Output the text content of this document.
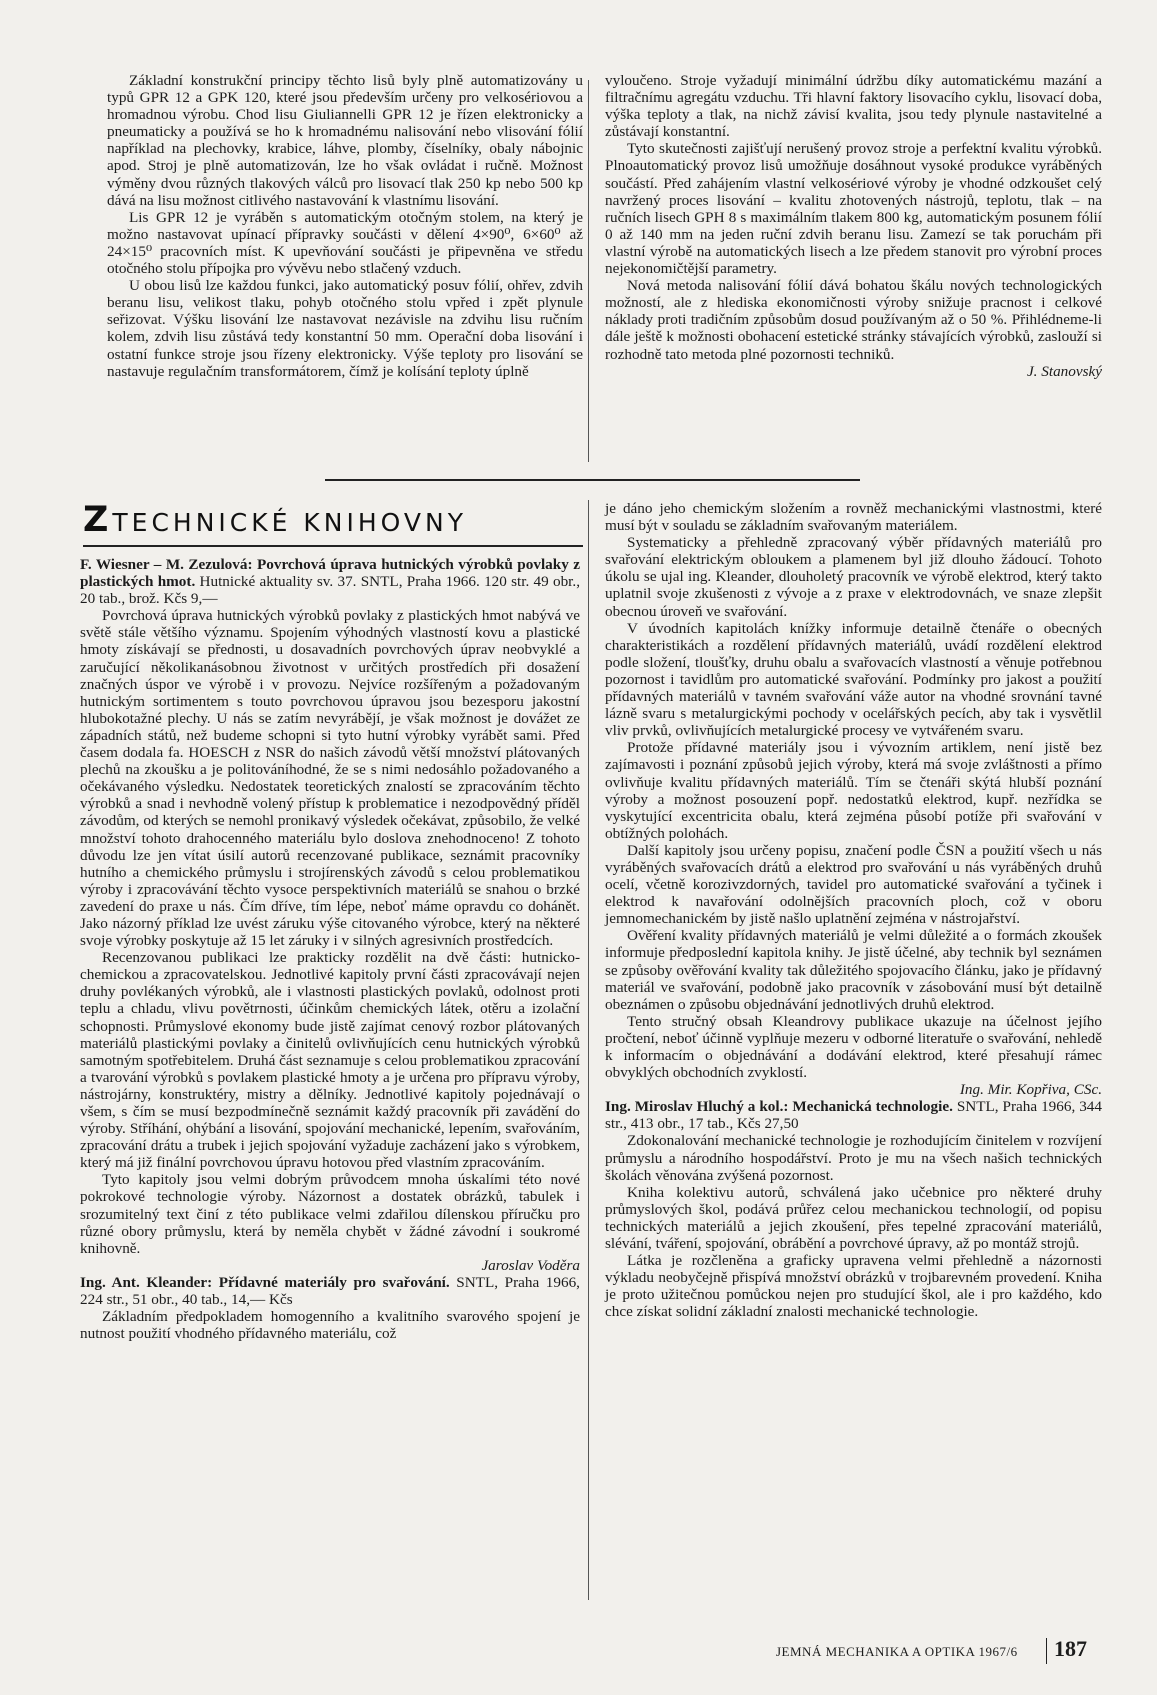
Základní konstrukční principy těchto lisů byly plně automatizovány u typů GPR 12 a GPK 120, které jsou především určeny pro velkosériovou a hromadnou výrobu. Chod lisu Giuliannelli GPR 12 je řízen elektronicky a pneumaticky a používá se ho k hromadnému nalisování nebo vlisování fólií například na plechovky, krabice, láhve, plomby, číselníky, obaly nábojnic apod. Stroj je plně automatizován, lze ho však ovládat i ručně. Možnost výměny dvou různých tlakových válců pro lisovací tlak 250 kp nebo 500 kp dává na lisu možnost citlivého nastavování k vlastnímu lisování.

Lis GPR 12 je vyráběn s automatickým otočným stolem, na který je možno nastavovat upínací přípravky součásti v dělení 4×90⁰, 6×60⁰ až 24×15⁰ pracovních míst. K upevňování součásti je připevněna ve středu otočného stolu přípojka pro vývěvu nebo stlačený vzduch.

U obou lisů lze každou funkci, jako automatický posuv fólií, ohřev, zdvih beranu lisu, velikost tlaku, pohyb otočného stolu vpřed i zpět plynule seřizovat. Výšku lisování lze nastavovat nezávisle na zdvihu lisu ručním kolem, zdvih lisu zůstává tedy konstantní 50 mm. Operační doba lisování i ostatní funkce stroje jsou řízeny elektronicky. Výše teploty pro lisování se nastavuje regulačním transformátorem, čímž je kolísání teploty úplně

vyloučeno. Stroje vyžadují minimální údržbu díky automatickému mazání a filtračnímu agregátu vzduchu. Tři hlavní faktory lisovacího cyklu, lisovací doba, výška teploty a tlak, na nichž závisí kvalita, jsou tedy plynule nastavitelné a zůstávají konstantní.

Tyto skutečnosti zajišťují nerušený provoz stroje a perfektní kvalitu výrobků. Plnoautomatický provoz lisů umožňuje dosáhnout vysoké produkce vyráběných součástí. Před zahájením vlastní velkosériové výroby je vhodné odzkoušet celý navržený proces lisování – kvalitu zhotovených nástrojů, teplotu, tlak – na ručních lisech GPH 8 s maximálním tlakem 800 kg, automatickým posunem fólií 0 až 140 mm na jeden ruční zdvih beranu lisu. Zamezí se tak poruchám při vlastní výrobě na automatických lisech a lze předem stanovit pro výrobní proces nejekonomičtější parametry.

Nová metoda nalisování fólií dává bohatou škálu nových technologických možností, ale z hlediska ekonomičnosti výroby snižuje pracnost i celkové náklady proti tradičním způsobům dosud používaným až o 50 %. Přihlédneme-li dále ještě k možnosti obohacení estetické stránky stávajících výrobků, zaslouží si rozhodně tato metoda plné pozornosti techniků.

J. Stanovský

Z TECHNICKÉ KNIHOVNY

F. Wiesner – M. Zezulová: Povrchová úprava hutnických výrobků povlaky z plastických hmot. Hutnické aktuality sv. 37. SNTL, Praha 1966. 120 str. 49 obr., 20 tab., brož. Kčs 9,—

Povrchová úprava hutnických výrobků povlaky z plastických hmot nabývá ve světě stále většího významu. Spojením výhodných vlastností kovu a plastické hmoty získávají se přednosti, u dosavadních povrchových úprav neobvyklé a zaručující několikanásobnou životnost v určitých prostředích při dosažení značných úspor ve výrobě i v provozu. Nejvíce rozšířeným a požadovaným hutnickým sortimentem s touto povrchovou úpravou jsou bezesporu jakostní hlubokotažné plechy. U nás se zatím nevyrábějí, je však možnost je dovážet ze západních států, než budeme schopni si tyto hutní výrobky vyrábět sami. Před časem dodala fa. HOESCH z NSR do našich závodů větší množství plátovaných plechů na zkoušku a je politováníhodné, že se s nimi nedosáhlo požadovaného a očekávaného výsledku. Nedostatek teoretických znalostí se zpracováním těchto výrobků a snad i nevhodně volený přístup k problematice i nezodpovědný příděl závodům, od kterých se nemohl pronikavý výsledek očekávat, způsobilo, že velké množství tohoto drahocenného materiálu bylo doslova znehodnoceno! Z tohoto důvodu lze jen vítat úsilí autorů recenzované publikace, seznámit pracovníky hutního a chemického průmyslu i strojírenských závodů s celou problematikou výroby i zpracovávání těchto vysoce perspektivních materiálů se snahou o brzké zavedení do praxe u nás. Čím dříve, tím lépe, neboť máme opravdu co dohánět. Jako názorný příklad lze uvést záruku výše citovaného výrobce, který na některé svoje výrobky poskytuje až 15 let záruky i v silných agresivních prostředcích.

Recenzovanou publikaci lze prakticky rozdělit na dvě části: hutnicko-chemickou a zpracovatelskou. Jednotlivé kapitoly první části zpracovávají nejen druhy povlékaných výrobků, ale i vlastnosti plastických povlaků, odolnost proti teplu a chladu, vlivu povětrnosti, účinkům chemických látek, otěru a izolační schopnosti. Průmyslové ekonomy bude jistě zajímat cenový rozbor plátovaných materiálů plastickými povlaky a činitelů ovlivňujících cenu hutnických výrobků samotným spotřebitelem. Druhá část seznamuje s celou problematikou zpracování a tvarování výrobků s povlakem plastické hmoty a je určena pro přípravu výroby, nástrojárny, konstruktéry, mistry a dělníky. Jednotlivé kapitoly pojednávají o všem, s čím se musí bezpodmínečně seznámit každý pracovník při zavádění do výroby. Stříhání, ohýbání a lisování, spojování mechanické, lepením, svařováním, zpracování drátu a trubek i jejich spojování vyžaduje zacházení jako s výrobkem, který má již finální povrchovou úpravu hotovou před vlastním zpracováním.

Tyto kapitoly jsou velmi dobrým průvodcem mnoha úskalími této nové pokrokové technologie výroby. Názornost a dostatek obrázků, tabulek i srozumitelný text činí z této publikace velmi zdařilou dílenskou příručku pro různé obory průmyslu, která by neměla chybět v žádné závodní i soukromé knihovně.

Jaroslav Voděra

Ing. Ant. Kleander: Přídavné materiály pro svařování. SNTL, Praha 1966, 224 str., 51 obr., 40 tab., 14,— Kčs

Základním předpokladem homogenního a kvalitního svarového spojení je nutnost použití vhodného přídavného materiálu, což

je dáno jeho chemickým složením a rovněž mechanickými vlastnostmi, které musí být v souladu se základním svařovaným materiálem.

Systematicky a přehledně zpracovaný výběr přídavných materiálů pro svařování elektrickým obloukem a plamenem byl již dlouho žádoucí. Tohoto úkolu se ujal ing. Kleander, dlouholetý pracovník ve výrobě elektrod, který takto uplatnil svoje zkušenosti z vývoje a z praxe v elektrodovnách, ve snaze zlepšit obecnou úroveň ve svařování.

V úvodních kapitolách knížky informuje detailně čtenáře o obecných charakteristikách a rozdělení přídavných materiálů, uvádí rozdělení elektrod podle složení, tloušťky, druhu obalu a svařovacích vlastností a věnuje potřebnou pozornost i tavidlům pro automatické svařování. Podmínky pro jakost a použití přídavných materiálů v tavném svařování váže autor na vhodné srovnání tavné lázně svaru s metalurgickými pochody v ocelářských pecích, aby tak i vysvětlil vliv prvků, ovlivňujících metalurgické procesy ve vytvářeném svaru.

Protože přídavné materiály jsou i vývozním artiklem, není jistě bez zajímavosti i poznání způsobů jejich výroby, která má svoje zvláštnosti a přímo ovlivňuje kvalitu přídavných materiálů. Tím se čtenáři skýtá hlubší poznání výroby a možnost posouzení popř. nedostatků elektrod, kupř. nezřídka se vyskytující excentricita obalu, která zejména působí potíže při svařování v obtížných polohách.

Další kapitoly jsou určeny popisu, značení podle ČSN a použití všech u nás vyráběných svařovacích drátů a elektrod pro svařování u nás vyráběných druhů ocelí, včetně korozivzdorných, tavidel pro automatické svařování a tyčinek i elektrod k navařování odolnějších pracovních ploch, což v oboru jemnomechanickém by jistě našlo uplatnění zejména v nástrojařství.

Ověření kvality přídavných materiálů je velmi důležité a o formách zkoušek informuje předposlední kapitola knihy. Je jistě účelné, aby technik byl seznámen se způsoby ověřování kvality tak důležitého spojovacího článku, jako je přídavný materiál ve svařování, podobně jako pracovník v zásobování musí být detailně obeznámen o způsobu objednávání jednotlivých druhů elektrod.

Tento stručný obsah Kleandrovy publikace ukazuje na účelnost jejího pročtení, neboť účinně vyplňuje mezeru v odborné literatuře o svařování, nehledě k informacím o objednávání a dodávání elektrod, které přesahují rámec obvyklých obchodních zvyklostí.

Ing. Mir. Kopřiva, CSc.

Ing. Miroslav Hluchý a kol.: Mechanická technologie. SNTL, Praha 1966, 344 str., 413 obr., 17 tab., Kčs 27,50

Zdokonalování mechanické technologie je rozhodujícím činitelem v rozvíjení průmyslu a národního hospodářství. Proto je mu na všech našich technických školách věnována zvýšená pozornost.

Kniha kolektivu autorů, schválená jako učebnice pro některé druhy průmyslových škol, podává průřez celou mechanickou technologií, od popisu technických materiálů a jejich zkoušení, přes tepelné zpracování materiálů, slévání, tváření, spojování, obrábění a povrchové úpravy, až po montáž strojů.

Látka je rozčleněna a graficky upravena velmi přehledně a názornosti výkladu neobyčejně přispívá množství obrázků v trojbarevném provedení. Kniha je proto užitečnou pomůckou nejen pro studující škol, ale i pro každého, kdo chce získat solidní základní znalosti mechanické technologie.

JEMNÁ MECHANIKA A OPTIKA 1967/6 187
